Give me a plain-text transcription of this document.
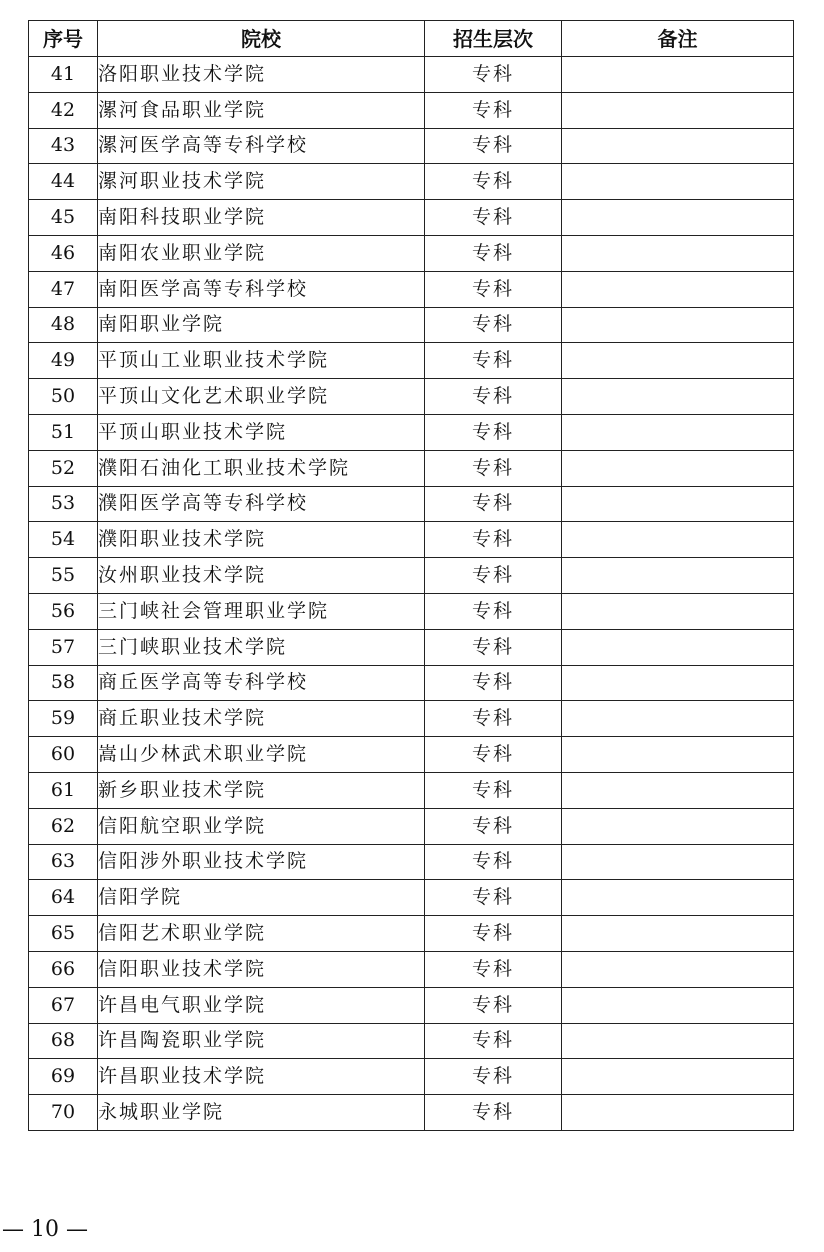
序号	院校	招生层次	备注
41	洛阳职业技术学院	专科	
42	漯河食品职业学院	专科	
43	漯河医学高等专科学校	专科	
44	漯河职业技术学院	专科	
45	南阳科技职业学院	专科	
46	南阳农业职业学院	专科	
47	南阳医学高等专科学校	专科	
48	南阳职业学院	专科	
49	平顶山工业职业技术学院	专科	
50	平顶山文化艺术职业学院	专科	
51	平顶山职业技术学院	专科	
52	濮阳石油化工职业技术学院	专科	
53	濮阳医学高等专科学校	专科	
54	濮阳职业技术学院	专科	
55	汝州职业技术学院	专科	
56	三门峡社会管理职业学院	专科	
57	三门峡职业技术学院	专科	
58	商丘医学高等专科学校	专科	
59	商丘职业技术学院	专科	
60	嵩山少林武术职业学院	专科	
61	新乡职业技术学院	专科	
62	信阳航空职业学院	专科	
63	信阳涉外职业技术学院	专科	
64	信阳学院	专科	
65	信阳艺术职业学院	专科	
66	信阳职业技术学院	专科	
67	许昌电气职业学院	专科	
68	许昌陶瓷职业学院	专科	
69	许昌职业技术学院	专科	
70	永城职业学院	专科	
— 10 —
